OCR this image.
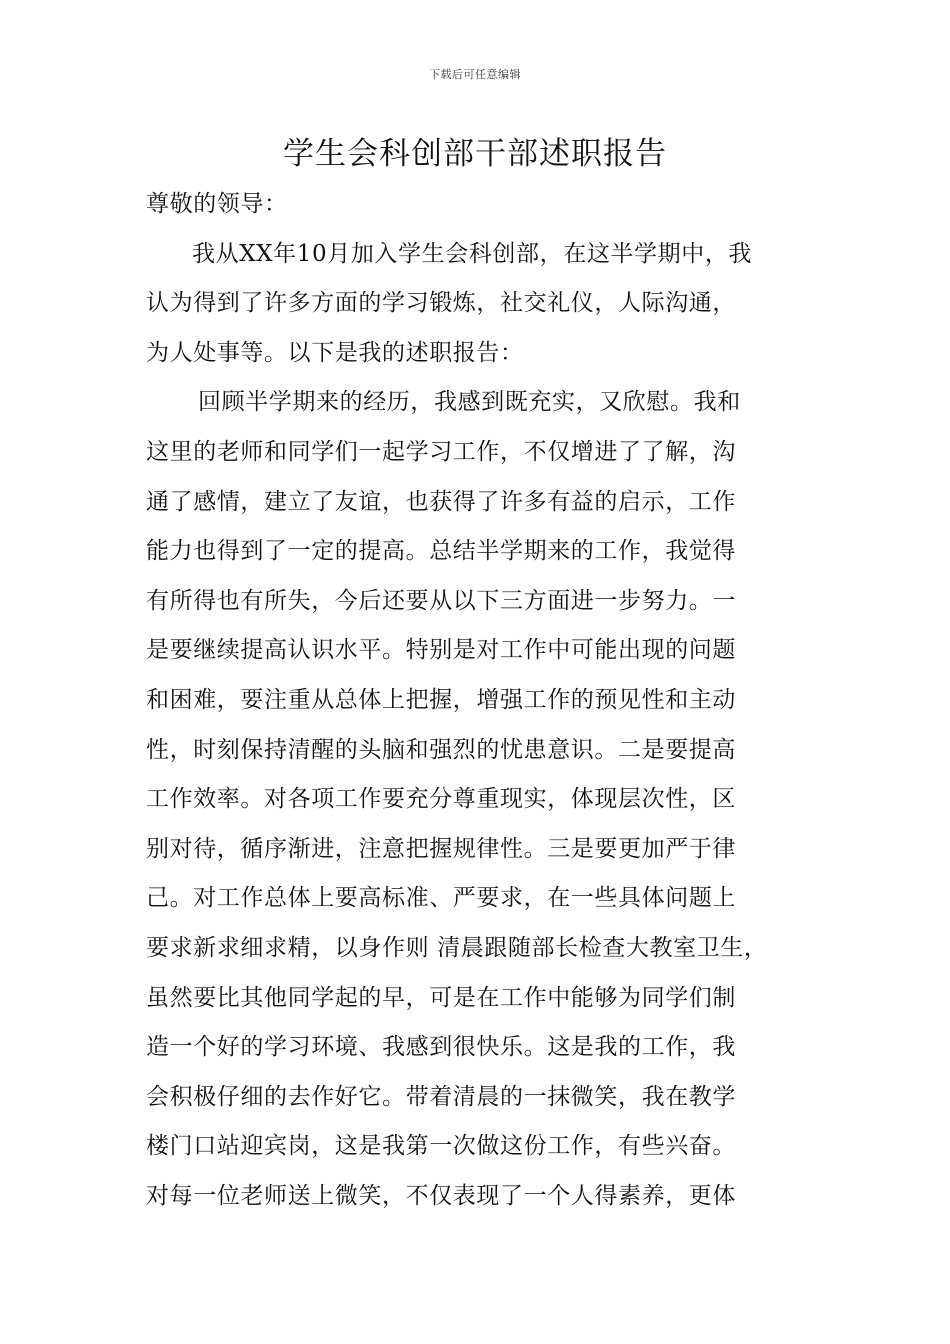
下载后可任意编辑
学生会科创部干部述职报告
尊敬的领导：
我从XX年10月加入学生会科创部，在这半学期中，我
认为得到了许多方面的学习锻炼，社交礼仪，人际沟通，
为人处事等。以下是我的述职报告：
回顾半学期来的经历，我感到既充实，又欣慰。我和
这里的老师和同学们一起学习工作，不仅增进了了解，沟
通了感情，建立了友谊，也获得了许多有益的启示，工作
能力也得到了一定的提高。总结半学期来的工作，我觉得
有所得也有所失，今后还要从以下三方面进一步努力。一
是要继续提高认识水平。特别是对工作中可能出现的问题
和困难，要注重从总体上把握，增强工作的预见性和主动
性，时刻保持清醒的头脑和强烈的忧患意识。二是要提高
工作效率。对各项工作要充分尊重现实，体现层次性，区
别对待，循序渐进，注意把握规律性。三是要更加严于律
己。对工作总体上要高标准、严要求，在一些具体问题上
要求新求细求精，以身作则 清晨跟随部长检查大教室卫生，
虽然要比其他同学起的早，可是在工作中能够为同学们制
造一个好的学习环境、我感到很快乐。这是我的工作，我
会积极仔细的去作好它。带着清晨的一抹微笑，我在教学
楼门口站迎宾岗，这是我第一次做这份工作，有些兴奋。
对每一位老师送上微笑，不仅表现了一个人得素养，更体
